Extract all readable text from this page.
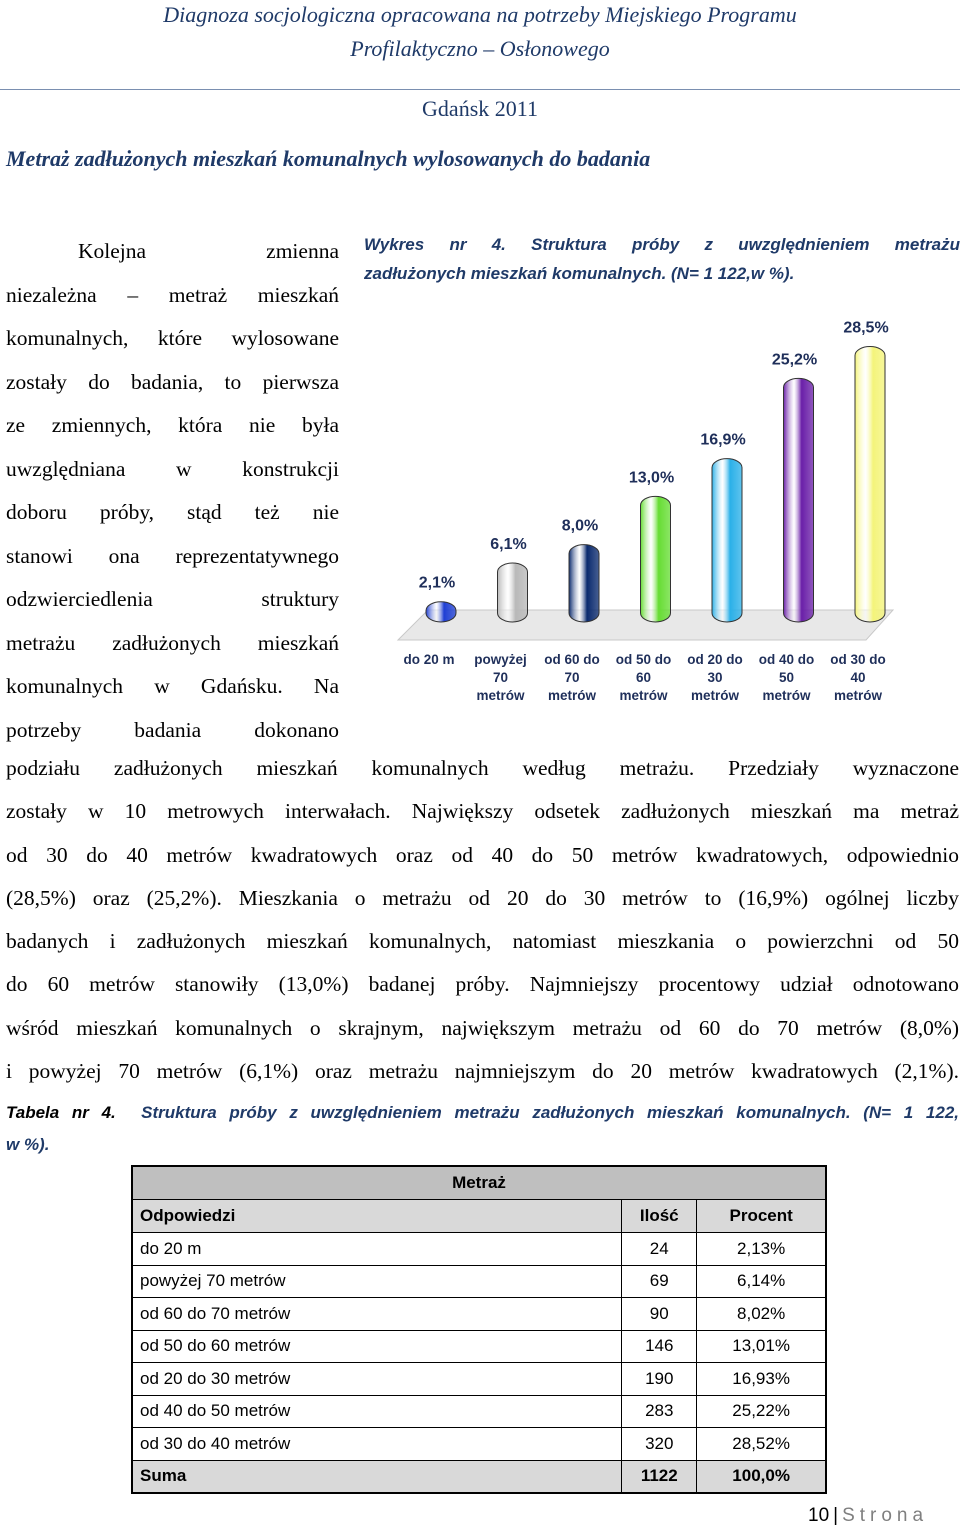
Diagnoza socjologiczna opracowana na potrzeby Miejskiego Programu
Profilaktyczno – Osłonowego
Gdańsk 2011
Metraż zadłużonych mieszkań komunalnych wylosowanych do badania
Kolejna zmienna
niezależna – metraż mieszkań
komunalnych, które wylosowane
zostały do badania, to pierwsza
ze zmiennych, która nie była
uwzględniana w konstrukcji
doboru próby, stąd też nie
stanowi ona reprezentatywnego
odzwierciedlenia struktury
metrażu zadłużonych mieszkań
komunalnych w Gdańsku. Na
potrzeby badania dokonano
Wykres nr 4. Struktura próby z uwzględnieniem metrażu
zadłużonych mieszkań komunalnych. (N= 1 122,w %).
2,1%
6,1%
8,0%
13,0%
16,9%
25,2%
28,5%
do 20 m powyżej
70
metrów
od 60 do
70
metrów
od 50 do
60
metrów
od 20 do
30
metrów
od 40 do
50
metrów
od 30 do
40
metrów
podziału zadłużonych mieszkań komunalnych według metrażu. Przedziały wyznaczone
zostały w 10 metrowych interwałach. Największy odsetek zadłużonych mieszkań ma metraż
od 30 do 40 metrów kwadratowych oraz od 40 do 50 metrów kwadratowych, odpowiednio
(28,5%) oraz (25,2%). Mieszkania o metrażu od 20 do 30 metrów to (16,9%) ogólnej liczby
badanych i zadłużonych mieszkań komunalnych, natomiast mieszkania o powierzchni od 50
do 60 metrów stanowiły (13,0%) badanej próby. Najmniejszy procentowy udział odnotowano
wśród mieszkań komunalnych o skrajnym, największym metrażu od 60 do 70 metrów (8,0%)
i powyżej 70 metrów (6,1%) oraz metrażu najmniejszym do 20 metrów kwadratowych (2,1%).
Tabela nr 4. Struktura próby z uwzględnieniem metrażu zadłużonych mieszkań komunalnych. (N= 1 122,
w %).
Metraż		
Odpowiedzi	Ilość	Procent
do 20 m	24	2,13%
powyżej 70 metrów	69	6,14%
od 60 do 70 metrów	90	8,02%
od 50 do 60 metrów	146	13,01%
od 20 do 30 metrów	190	16,93%
od 40 do 50 metrów	283	25,22%
od 30 do 40 metrów	320	28,52%
Suma	1122	100,0%
10 | Strona
